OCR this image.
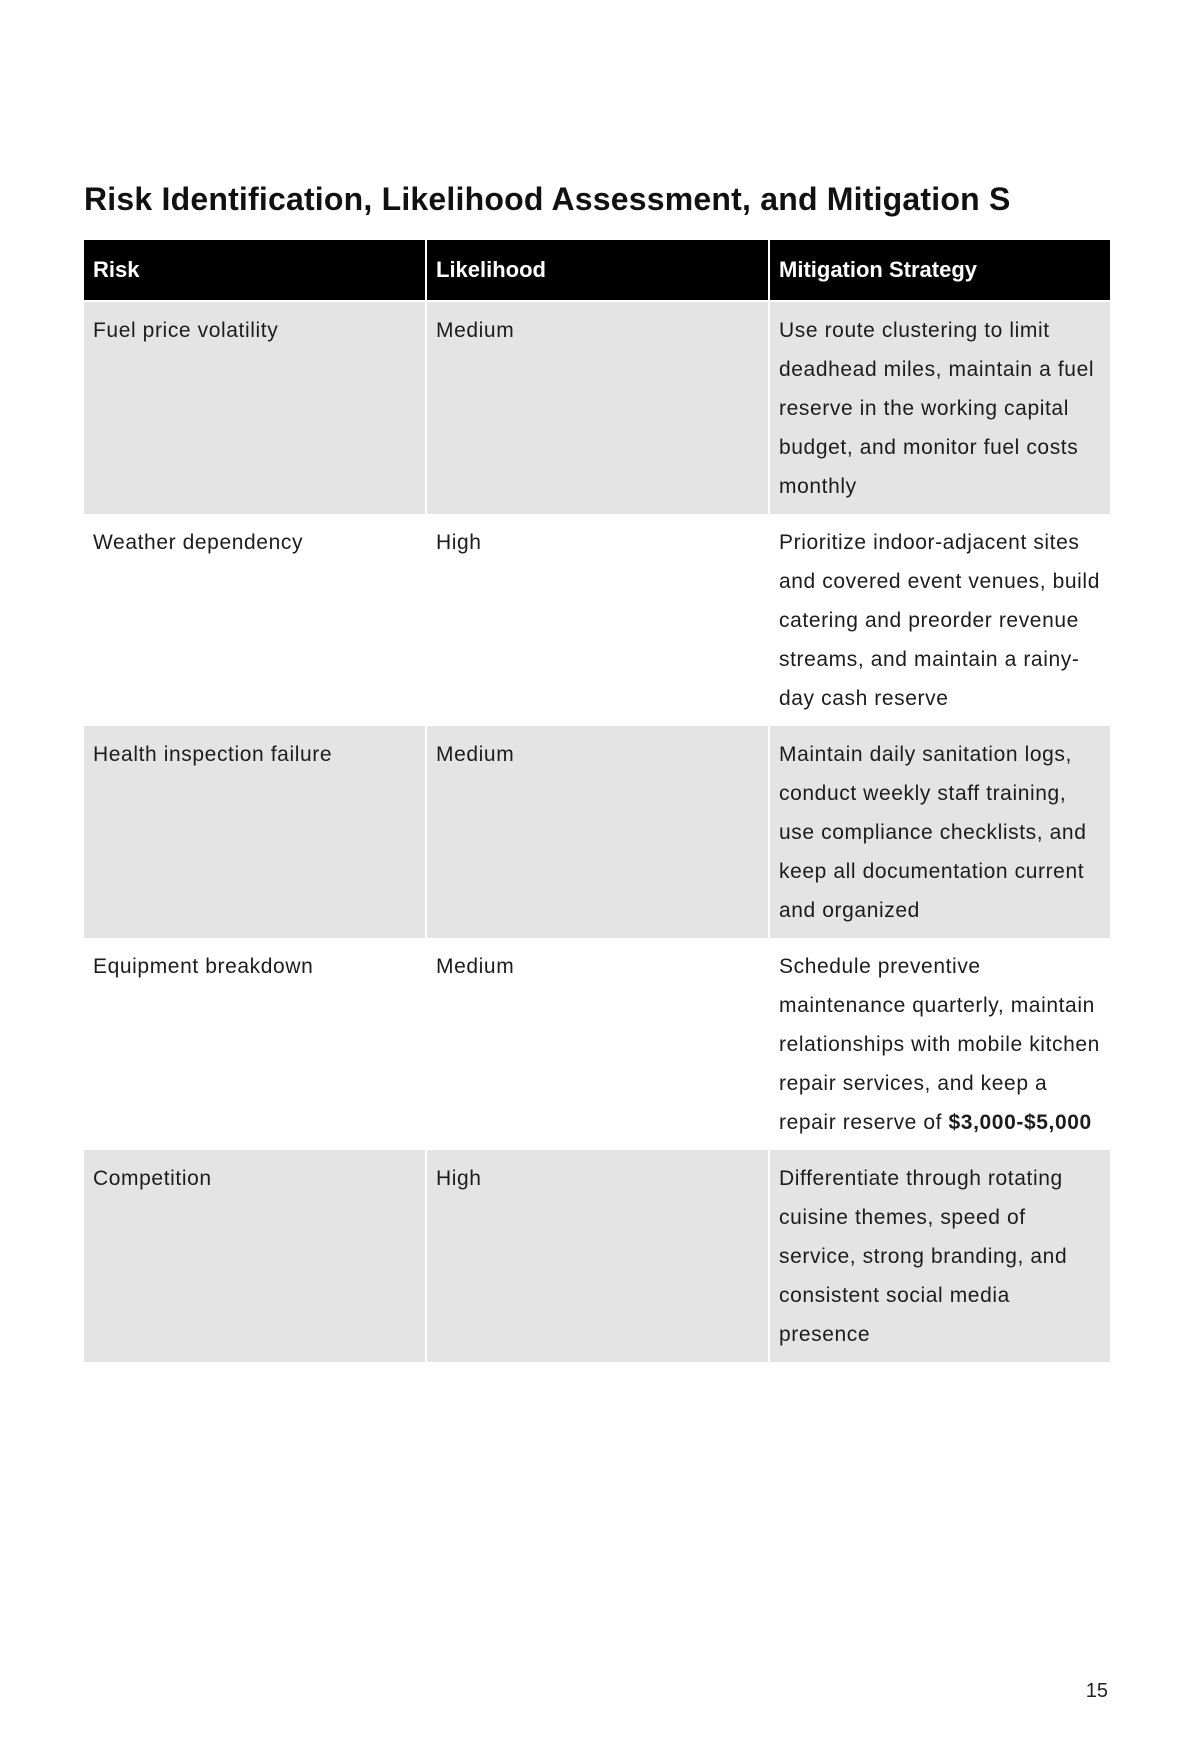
Risk Identification, Likelihood Assessment, and Mitigation S
Risk	Likelihood	Mitigation Strategy
Fuel price volatility	Medium	Use route clustering to limit deadhead miles, maintain a fuel reserve in the working capital budget, and monitor fuel costs monthly
Weather dependency	High	Prioritize indoor-adjacent sites and covered event venues, build catering and preorder revenue streams, and maintain a rainy-day cash reserve
Health inspection failure	Medium	Maintain daily sanitation logs, conduct weekly staff training, use compliance checklists, and keep all documentation current and organized
Equipment breakdown	Medium	Schedule preventive maintenance quarterly, maintain relationships with mobile kitchen repair services, and keep a repair reserve of $3,000-$5,000
Competition	High	Differentiate through rotating cuisine themes, speed of service, strong branding, and consistent social media presence
15
